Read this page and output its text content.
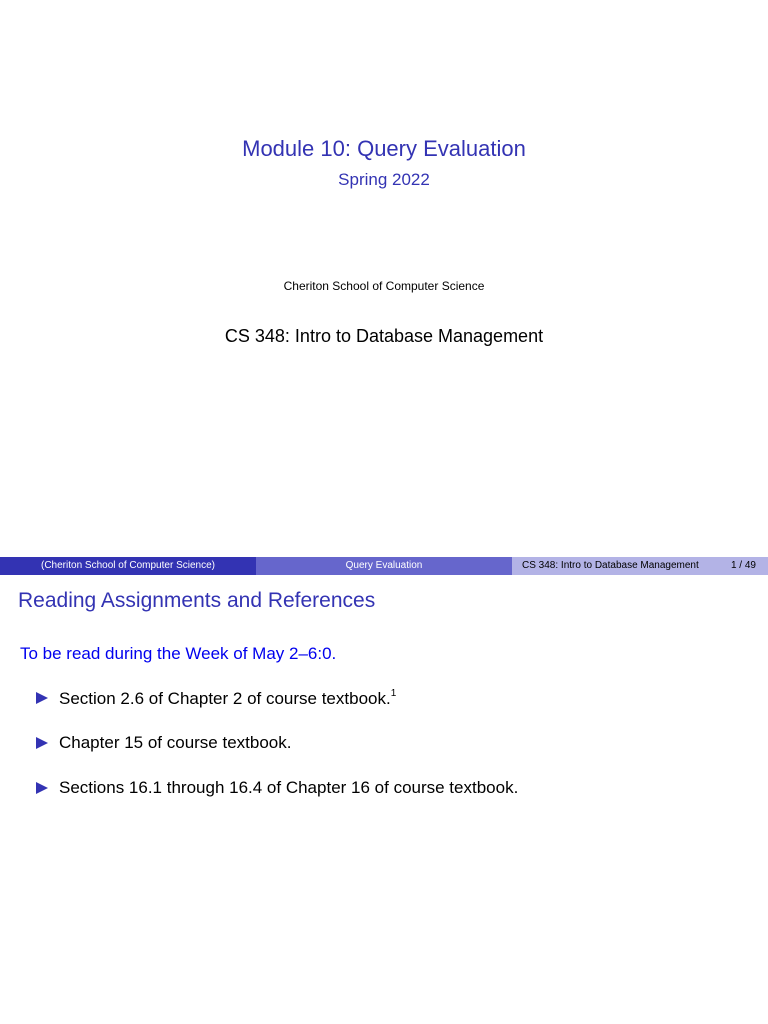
Module 10: Query Evaluation
Spring 2022
Cheriton School of Computer Science
CS 348: Intro to Database Management
(Cheriton School of Computer Science)	Query Evaluation	CS 348: Intro to Database Management	1 / 49
Reading Assignments and References
To be read during the Week of May 2–6:0.
Section 2.6 of Chapter 2 of course textbook.$^1$
Chapter 15 of course textbook.
Sections 16.1 through 16.4 of Chapter 16 of course textbook.
